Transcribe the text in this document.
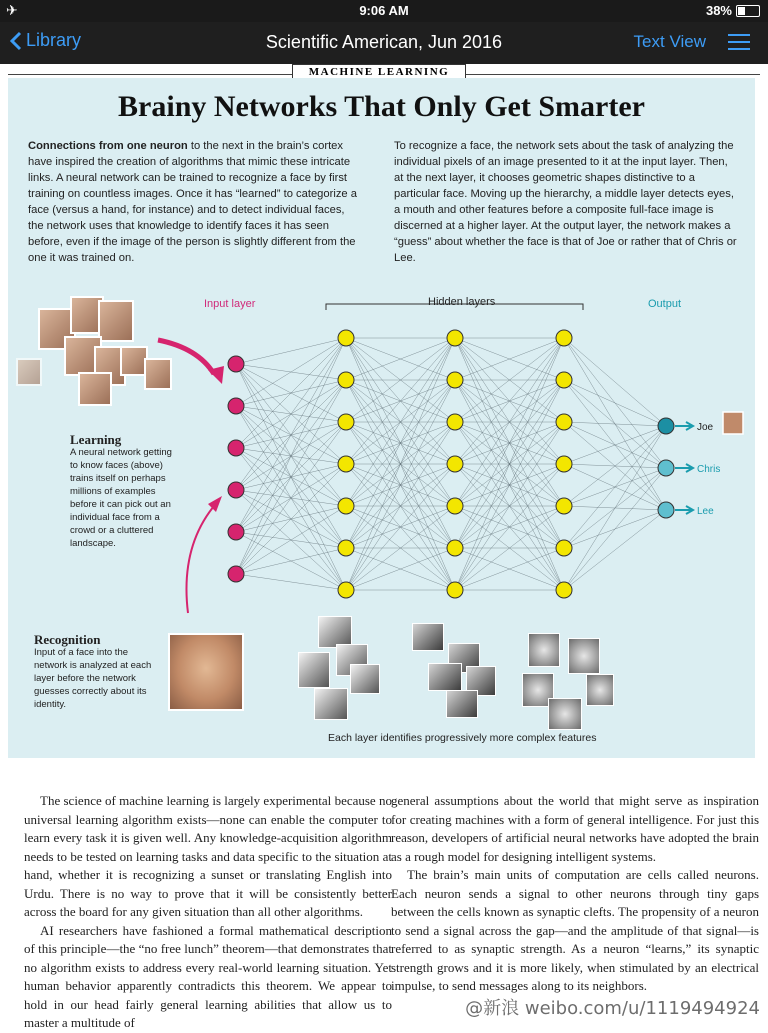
✈	9:06 AM	38%
Library	Scientific American, Jun 2016	Text View
MACHINE LEARNING
Brainy Networks That Only Get Smarter
Connections from one neuron to the next in the brain’s cortex have inspired the creation of algorithms that mimic these intricate links. A neural network can be trained to recognize a face by first training on countless images. Once it has “learned” to categorize a face (versus a hand, for instance) and to detect individual faces, the network uses that knowledge to identify faces it has seen before, even if the image of the person is slightly different from the one it was trained on.
To recognize a face, the network sets about the task of analyzing the individual pixels of an image presented to it at the input layer. Then, at the next layer, it chooses geometric shapes distinctive to a particular face. Moving up the hierarchy, a middle layer detects eyes, a mouth and other features before a composite full-face image is discerned at a higher layer. At the output layer, the network makes a “guess” about whether the face is that of Joe or rather that of Chris or Lee.
Joe
Chris
Lee
Input layer	Hidden layers	Output
Learning
A neural network getting to know faces (above) trains itself on perhaps millions of examples before it can pick out an individual face from a crowd or a cluttered landscape.
Recognition
Input of a face into the network is analyzed at each layer before the network guesses correctly about its identity.
Each layer identifies progressively more complex features

The science of machine learning is largely experimental because no universal learning algorithm exists—none can enable the computer to learn every task it is given well. Any knowledge-acquisition algorithm needs to be tested on learning tasks and data specific to the situation at hand, whether it is recognizing a sunset or translating English into Urdu. There is no way to prove that it will be consistently better across the board for any given situation than all other algorithms.

AI researchers have fashioned a formal mathematical description of this principle—the “no free lunch” theorem—that demonstrates that no algorithm exists to address every real-world learning situation. Yet human behavior apparently contradicts this theorem. We appear to hold in our head fairly general learning abilities that allow us to master a multitude of

general assumptions about the world that might serve as inspiration for creating machines with a form of general intelligence. For just this reason, developers of artificial neural networks have adopted the brain as a rough model for designing intelligent systems.

The brain’s main units of computation are cells called neurons. Each neuron sends a signal to other neurons through tiny gaps between the cells known as synaptic clefts. The propensity of a neuron to send a signal across the gap—and the amplitude of that signal—is referred to as synaptic strength. As a neuron “learns,” its synaptic strength grows and it is more likely, when stimulated by an electrical impulse, to send messages along to its neighbors.

@新浪 weibo.com/u/1119494924
